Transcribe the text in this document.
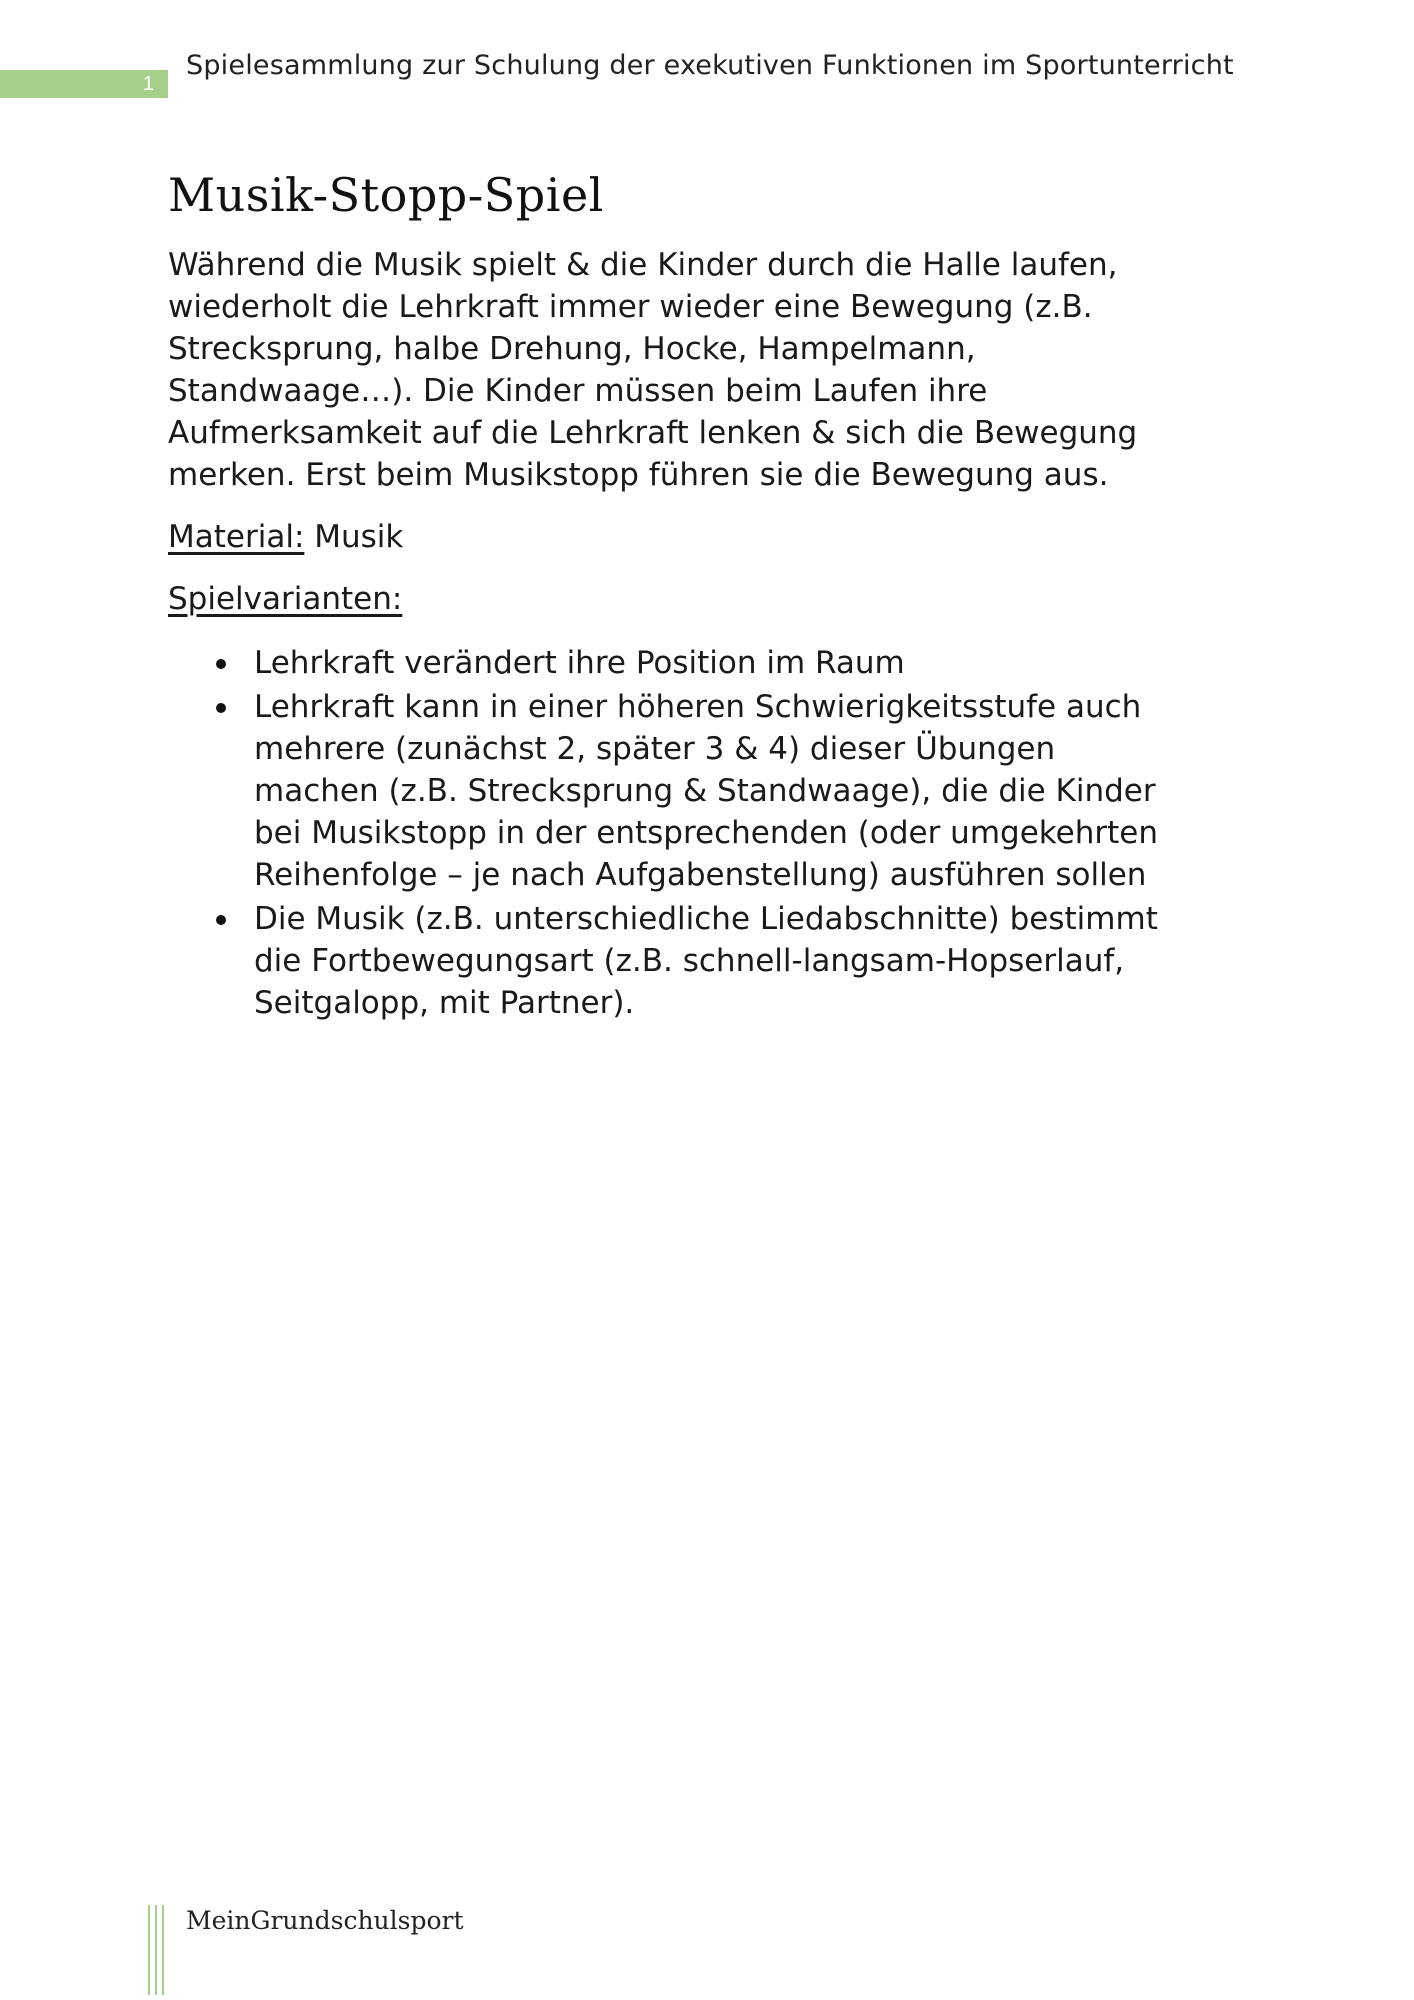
1
Spielesammlung zur Schulung der exekutiven Funktionen im Sportunterricht
Musik-Stopp-Spiel

Während die Musik spielt & die Kinder durch die Halle laufen,

wiederholt die Lehrkraft immer wieder eine Bewegung (z.B.

Strecksprung, halbe Drehung, Hocke, Hampelmann,

Standwaage…). Die Kinder müssen beim Laufen ihre

Aufmerksamkeit auf die Lehrkraft lenken & sich die Bewegung

merken. Erst beim Musikstopp führen sie die Bewegung aus.

Material: Musik
Spielvarianten:

Lehrkraft verändert ihre Position im Raum

Lehrkraft kann in einer höheren Schwierigkeitsstufe auch

mehrere (zunächst 2, später 3 & 4) dieser Übungen

machen (z.B. Strecksprung & Standwaage), die die Kinder

bei Musikstopp in der entsprechenden (oder umgekehrten

Reihenfolge – je nach Aufgabenstellung) ausführen sollen

Die Musik (z.B. unterschiedliche Liedabschnitte) bestimmt

die Fortbewegungsart (z.B. schnell-langsam-Hopserlauf,

Seitgalopp, mit Partner).

MeinGrundschulsport
